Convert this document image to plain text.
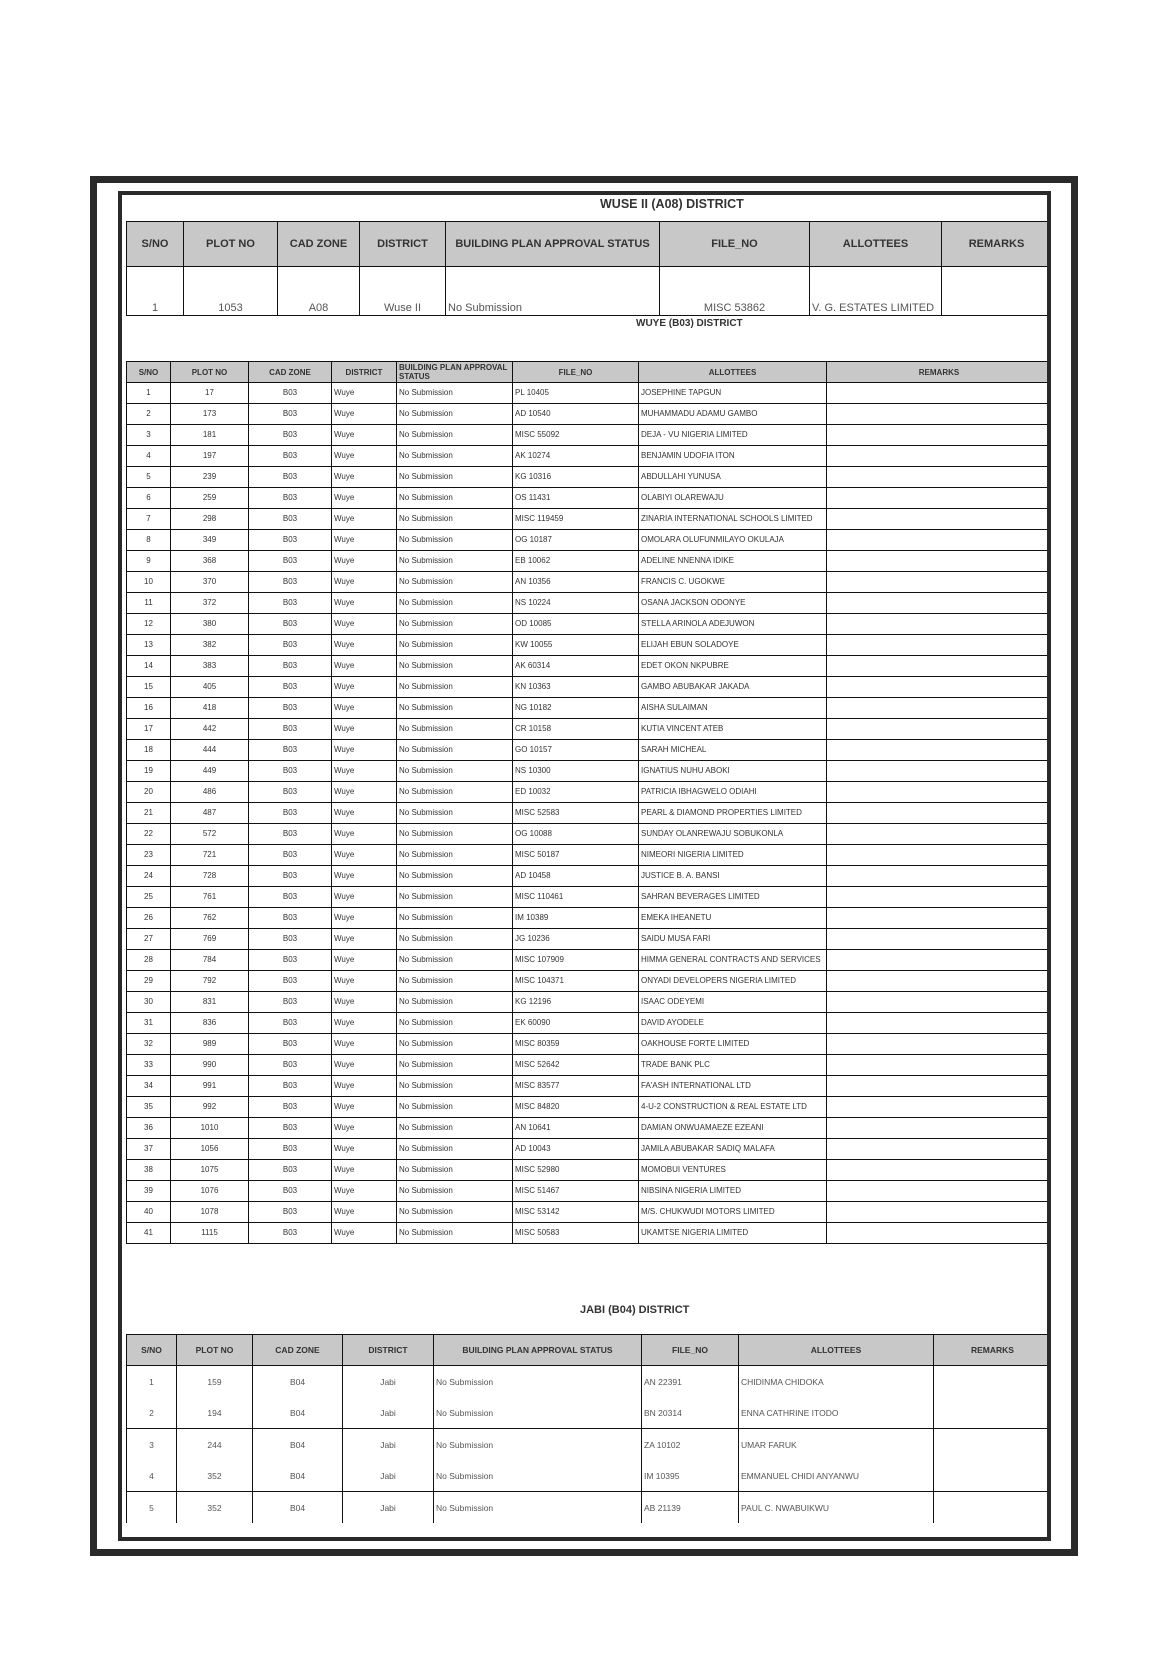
WUSE II (A08) DISTRICT
S/NO	PLOT NO	CAD ZONE	DISTRICT	BUILDING PLAN APPROVAL STATUS	FILE_NO	ALLOTTEES	REMARKS
1	1053	A08	Wuse II	No Submission	MISC 53862	V. G. ESTATES LIMITED	
WUYE (B03) DISTRICT
S/NO	PLOT NO	CAD ZONE	DISTRICT	BUILDING PLAN APPROVAL STATUS	FILE_NO	ALLOTTEES	REMARKS
1	17	B03	Wuye	No Submission	PL 10405	JOSEPHINE TAPGUN	
2	173	B03	Wuye	No Submission	AD 10540	MUHAMMADU ADAMU GAMBO	
3	181	B03	Wuye	No Submission	MISC 55092	DEJA - VU NIGERIA LIMITED	
4	197	B03	Wuye	No Submission	AK 10274	BENJAMIN UDOFIA ITON	
5	239	B03	Wuye	No Submission	KG 10316	ABDULLAHI YUNUSA	
6	259	B03	Wuye	No Submission	OS 11431	OLABIYI OLAREWAJU	
7	298	B03	Wuye	No Submission	MISC 119459	ZINARIA INTERNATIONAL SCHOOLS LIMITED	
8	349	B03	Wuye	No Submission	OG 10187	OMOLARA OLUFUNMILAYO OKULAJA	
9	368	B03	Wuye	No Submission	EB 10062	ADELINE NNENNA IDIKE	
10	370	B03	Wuye	No Submission	AN 10356	FRANCIS C. UGOKWE	
11	372	B03	Wuye	No Submission	NS 10224	OSANA JACKSON ODONYE	
12	380	B03	Wuye	No Submission	OD 10085	STELLA ARINOLA ADEJUWON	
13	382	B03	Wuye	No Submission	KW 10055	ELIJAH EBUN SOLADOYE	
14	383	B03	Wuye	No Submission	AK 60314	EDET OKON NKPUBRE	
15	405	B03	Wuye	No Submission	KN 10363	GAMBO ABUBAKAR JAKADA	
16	418	B03	Wuye	No Submission	NG 10182	AISHA SULAIMAN	
17	442	B03	Wuye	No Submission	CR 10158	KUTIA VINCENT ATEB	
18	444	B03	Wuye	No Submission	GO 10157	SARAH MICHEAL	
19	449	B03	Wuye	No Submission	NS 10300	IGNATIUS NUHU ABOKI	
20	486	B03	Wuye	No Submission	ED 10032	PATRICIA IBHAGWELO ODIAHI	
21	487	B03	Wuye	No Submission	MISC 52583	PEARL & DIAMOND PROPERTIES LIMITED	
22	572	B03	Wuye	No Submission	OG 10088	SUNDAY OLANREWAJU SOBUKONLA	
23	721	B03	Wuye	No Submission	MISC 50187	NIMEORI NIGERIA LIMITED	
24	728	B03	Wuye	No Submission	AD 10458	JUSTICE B. A. BANSI	
25	761	B03	Wuye	No Submission	MISC 110461	SAHRAN BEVERAGES LIMITED	
26	762	B03	Wuye	No Submission	IM 10389	EMEKA IHEANETU	
27	769	B03	Wuye	No Submission	JG 10236	SAIDU MUSA FARI	
28	784	B03	Wuye	No Submission	MISC 107909	HIMMA GENERAL CONTRACTS AND SERVICES	
29	792	B03	Wuye	No Submission	MISC 104371	ONYADI DEVELOPERS NIGERIA LIMITED	
30	831	B03	Wuye	No Submission	KG 12196	ISAAC ODEYEMI	
31	836	B03	Wuye	No Submission	EK 60090	DAVID AYODELE	
32	989	B03	Wuye	No Submission	MISC 80359	OAKHOUSE FORTE LIMITED	
33	990	B03	Wuye	No Submission	MISC 52642	TRADE BANK PLC	
34	991	B03	Wuye	No Submission	MISC 83577	FA'ASH INTERNATIONAL LTD	
35	992	B03	Wuye	No Submission	MISC 84820	4-U-2 CONSTRUCTION & REAL ESTATE LTD	
36	1010	B03	Wuye	No Submission	AN 10641	DAMIAN ONWUAMAEZE EZEANI	
37	1056	B03	Wuye	No Submission	AD 10043	JAMILA ABUBAKAR SADIQ MALAFA	
38	1075	B03	Wuye	No Submission	MISC 52980	MOMOBUI VENTURES	
39	1076	B03	Wuye	No Submission	MISC 51467	NIBSINA NIGERIA LIMITED	
40	1078	B03	Wuye	No Submission	MISC 53142	M/S. CHUKWUDI MOTORS LIMITED	
41	1115	B03	Wuye	No Submission	MISC 50583	UKAMTSE NIGERIA LIMITED	
JABI (B04) DISTRICT
S/NO	PLOT NO	CAD ZONE	DISTRICT	BUILDING PLAN APPROVAL STATUS	FILE_NO	ALLOTTEES	REMARKS
1	159	B04	Jabi	No Submission	AN 22391	CHIDINMA CHIDOKA	
2	194	B04	Jabi	No Submission	BN 20314	ENNA CATHRINE ITODO	
3	244	B04	Jabi	No Submission	ZA 10102	UMAR FARUK	
4	352	B04	Jabi	No Submission	IM 10395	EMMANUEL CHIDI ANYANWU	
5	352	B04	Jabi	No Submission	AB 21139	PAUL C. NWABUIKWU	
